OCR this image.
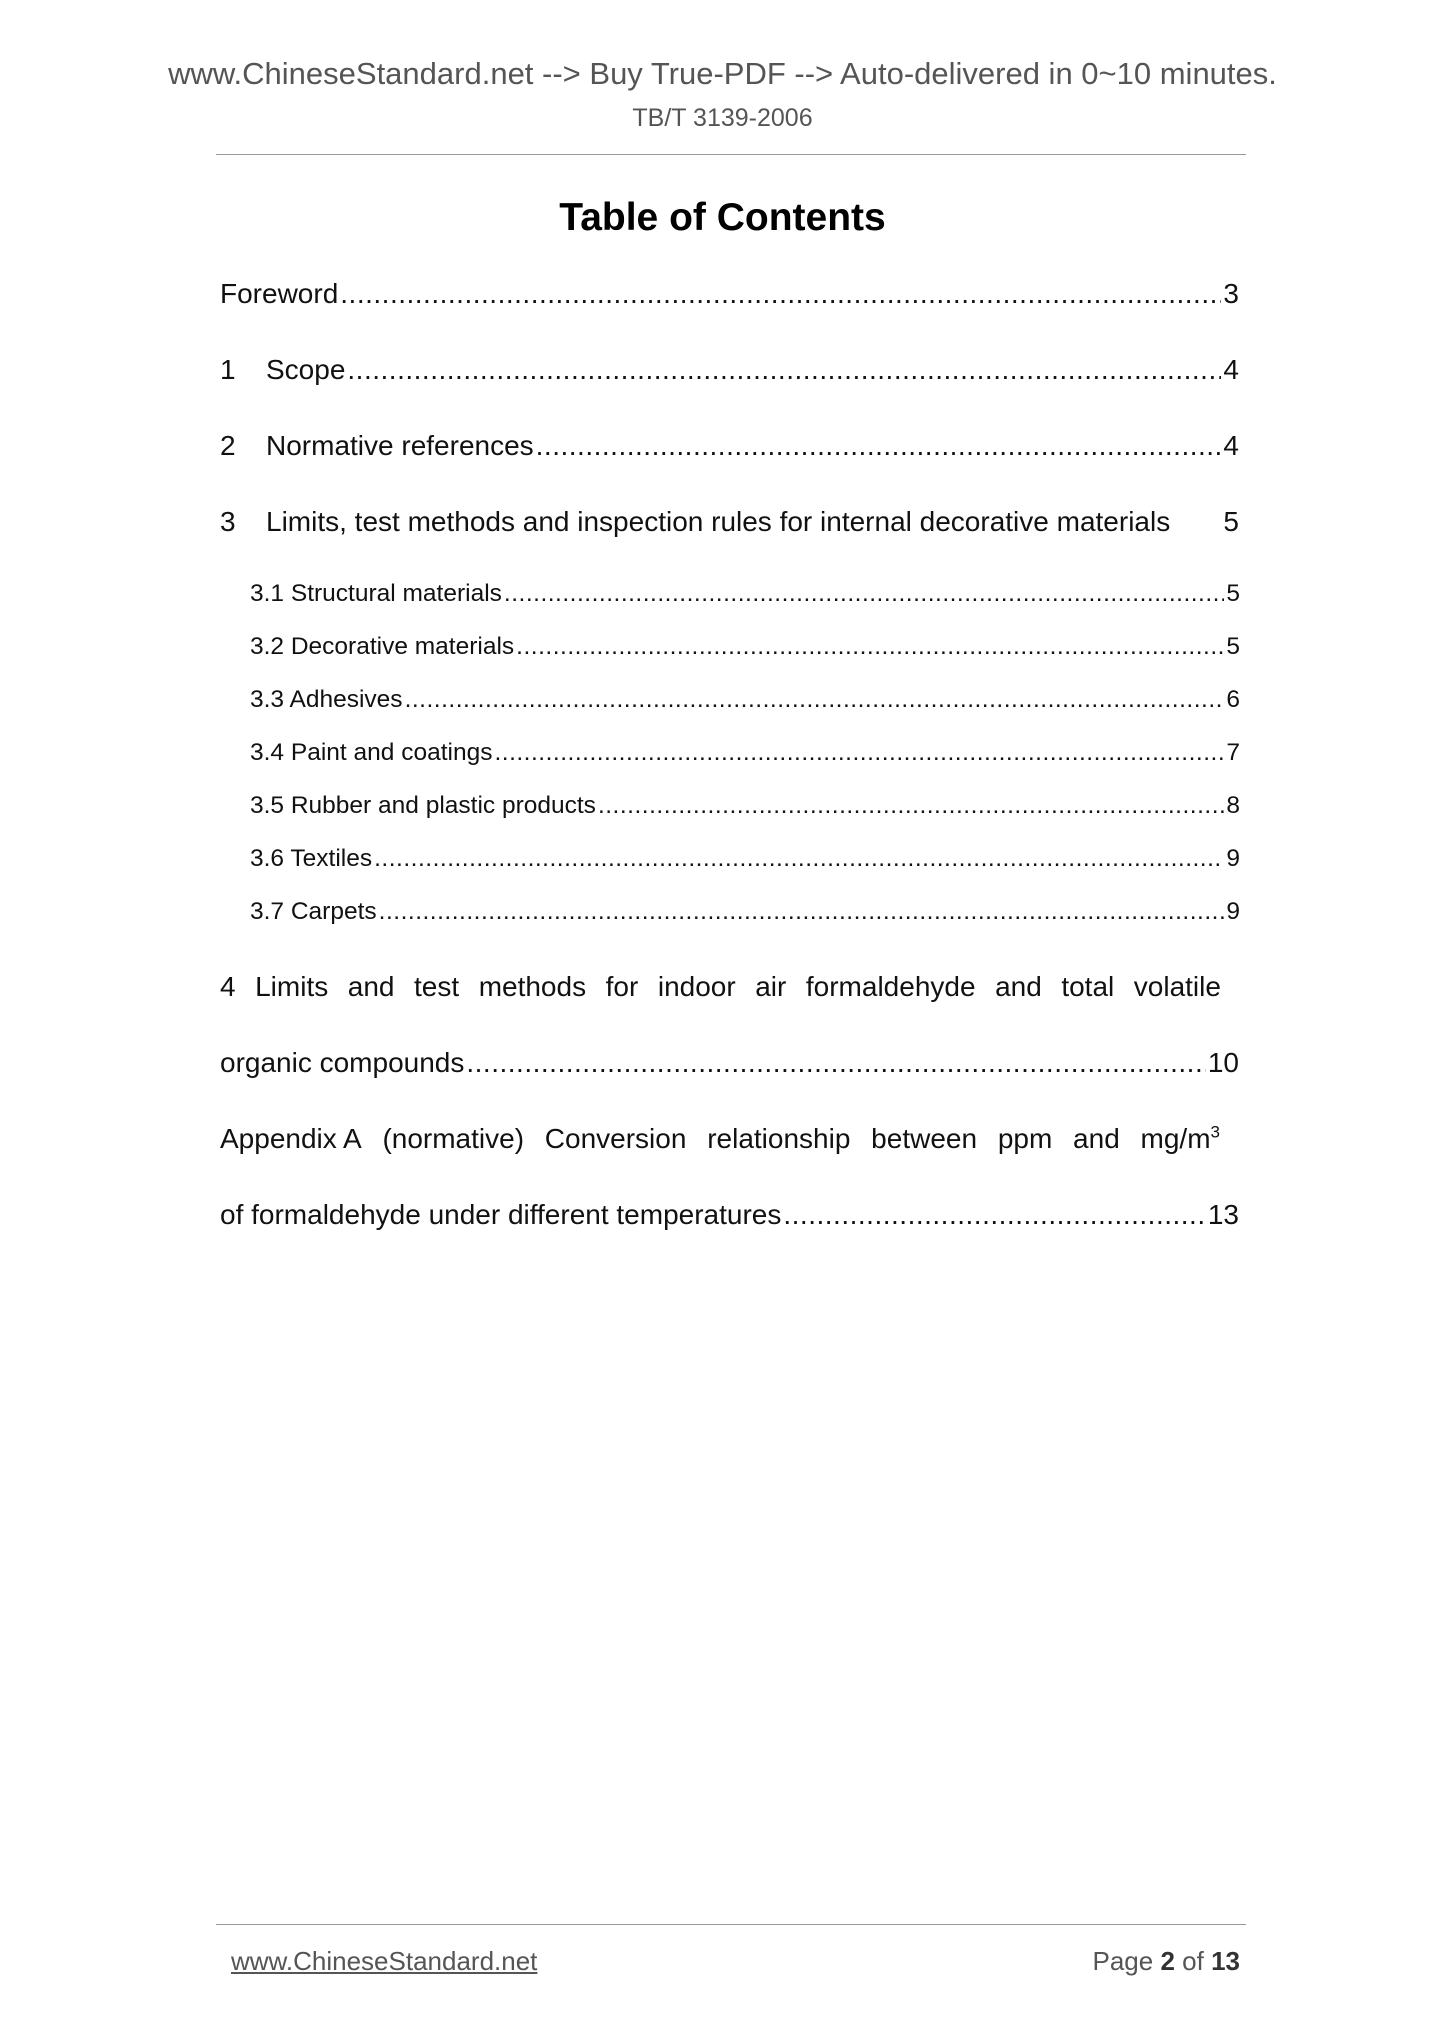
www.ChineseStandard.net --> Buy True-PDF --> Auto-delivered in 0~10 minutes.
TB/T 3139-2006
Table of Contents
Foreword .....	3
1	Scope .....	4
2	Normative references .....	4
3	Limits, test methods and inspection rules for internal decorative materials 5
3.1 Structural materials .....	5
3.2 Decorative materials .....	5
3.3 Adhesives .....	6
3.4 Paint and coatings .....	7
3.5 Rubber and plastic products .....	8
3.6 Textiles .....	9
3.7 Carpets .....	9
4 Limits and test methods for indoor air formaldehyde and total volatile
organic compounds .....	10
Appendix A (normative) Conversion relationship between ppm and $mg/m^3$
of formaldehyde under different temperatures .....	13
www.ChineseStandard.net	Page 2 of 13
